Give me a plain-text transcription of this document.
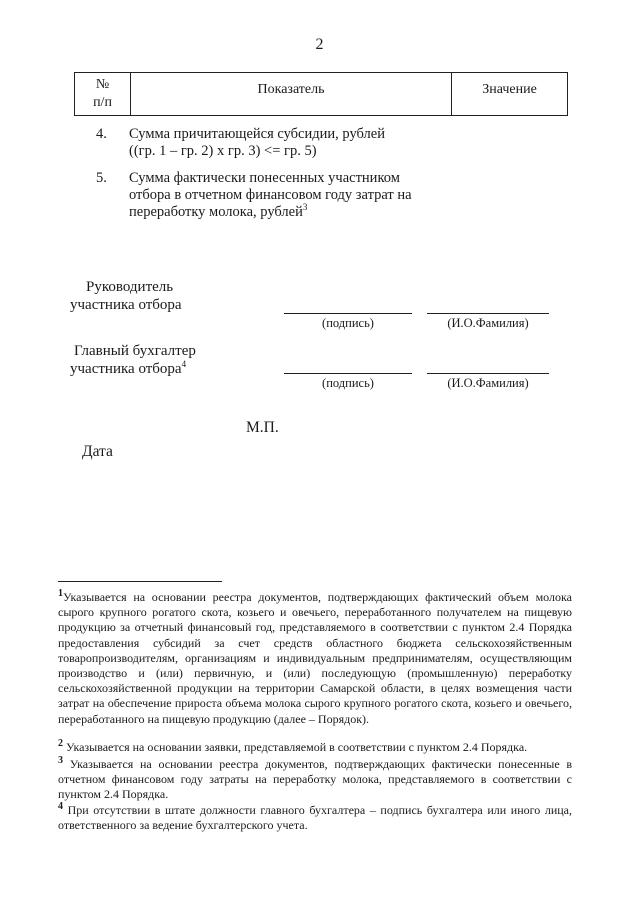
2
№
п/п
Показатель	Значение
4. Сумма причитающейся субсидии, рублей
((гр. 1 – гр. 2) х гр. 3) <= гр. 5)
5. Сумма фактически понесенных участником отбора в отчетном финансовом году затрат на переработку молока, рублей$^3$
Руководитель
участника отбора
(подпись)	(И.О.Фамилия)
Главный бухгалтер
участника отбора$^4$
(подпись)	(И.О.Фамилия)
М.П.
Дата
$^1$Указывается на основании реестра документов, подтверждающих фактический объем молока сырого крупного рогатого скота, козьего и овечьего, переработанного получателем на пищевую продукцию за отчетный финансовый год, представляемого в соответствии с пунктом 2.4 Порядка предоставления субсидий за счет средств областного бюджета сельскохозяйственным товаропроизводителям, организациям и индивидуальным предпринимателям, осуществляющим производство и (или) первичную, и (или) последующую (промышленную) переработку сельскохозяйственной продукции на территории Самарской области, в целях возмещения части затрат на обеспечение прироста объема молока сырого крупного рогатого скота, козьего и овечьего, переработанного на пищевую продукцию (далее – Порядок).
$^2$ Указывается на основании заявки, представляемой в соответствии с пунктом 2.4 Порядка.
$^3$ Указывается на основании реестра документов, подтверждающих фактически понесенные в отчетном финансовом году затраты на переработку молока, представляемого в соответствии с пунктом 2.4 Порядка.
$^4$ При отсутствии в штате должности главного бухгалтера – подпись бухгалтера или иного лица, ответственного за ведение бухгалтерского учета.
